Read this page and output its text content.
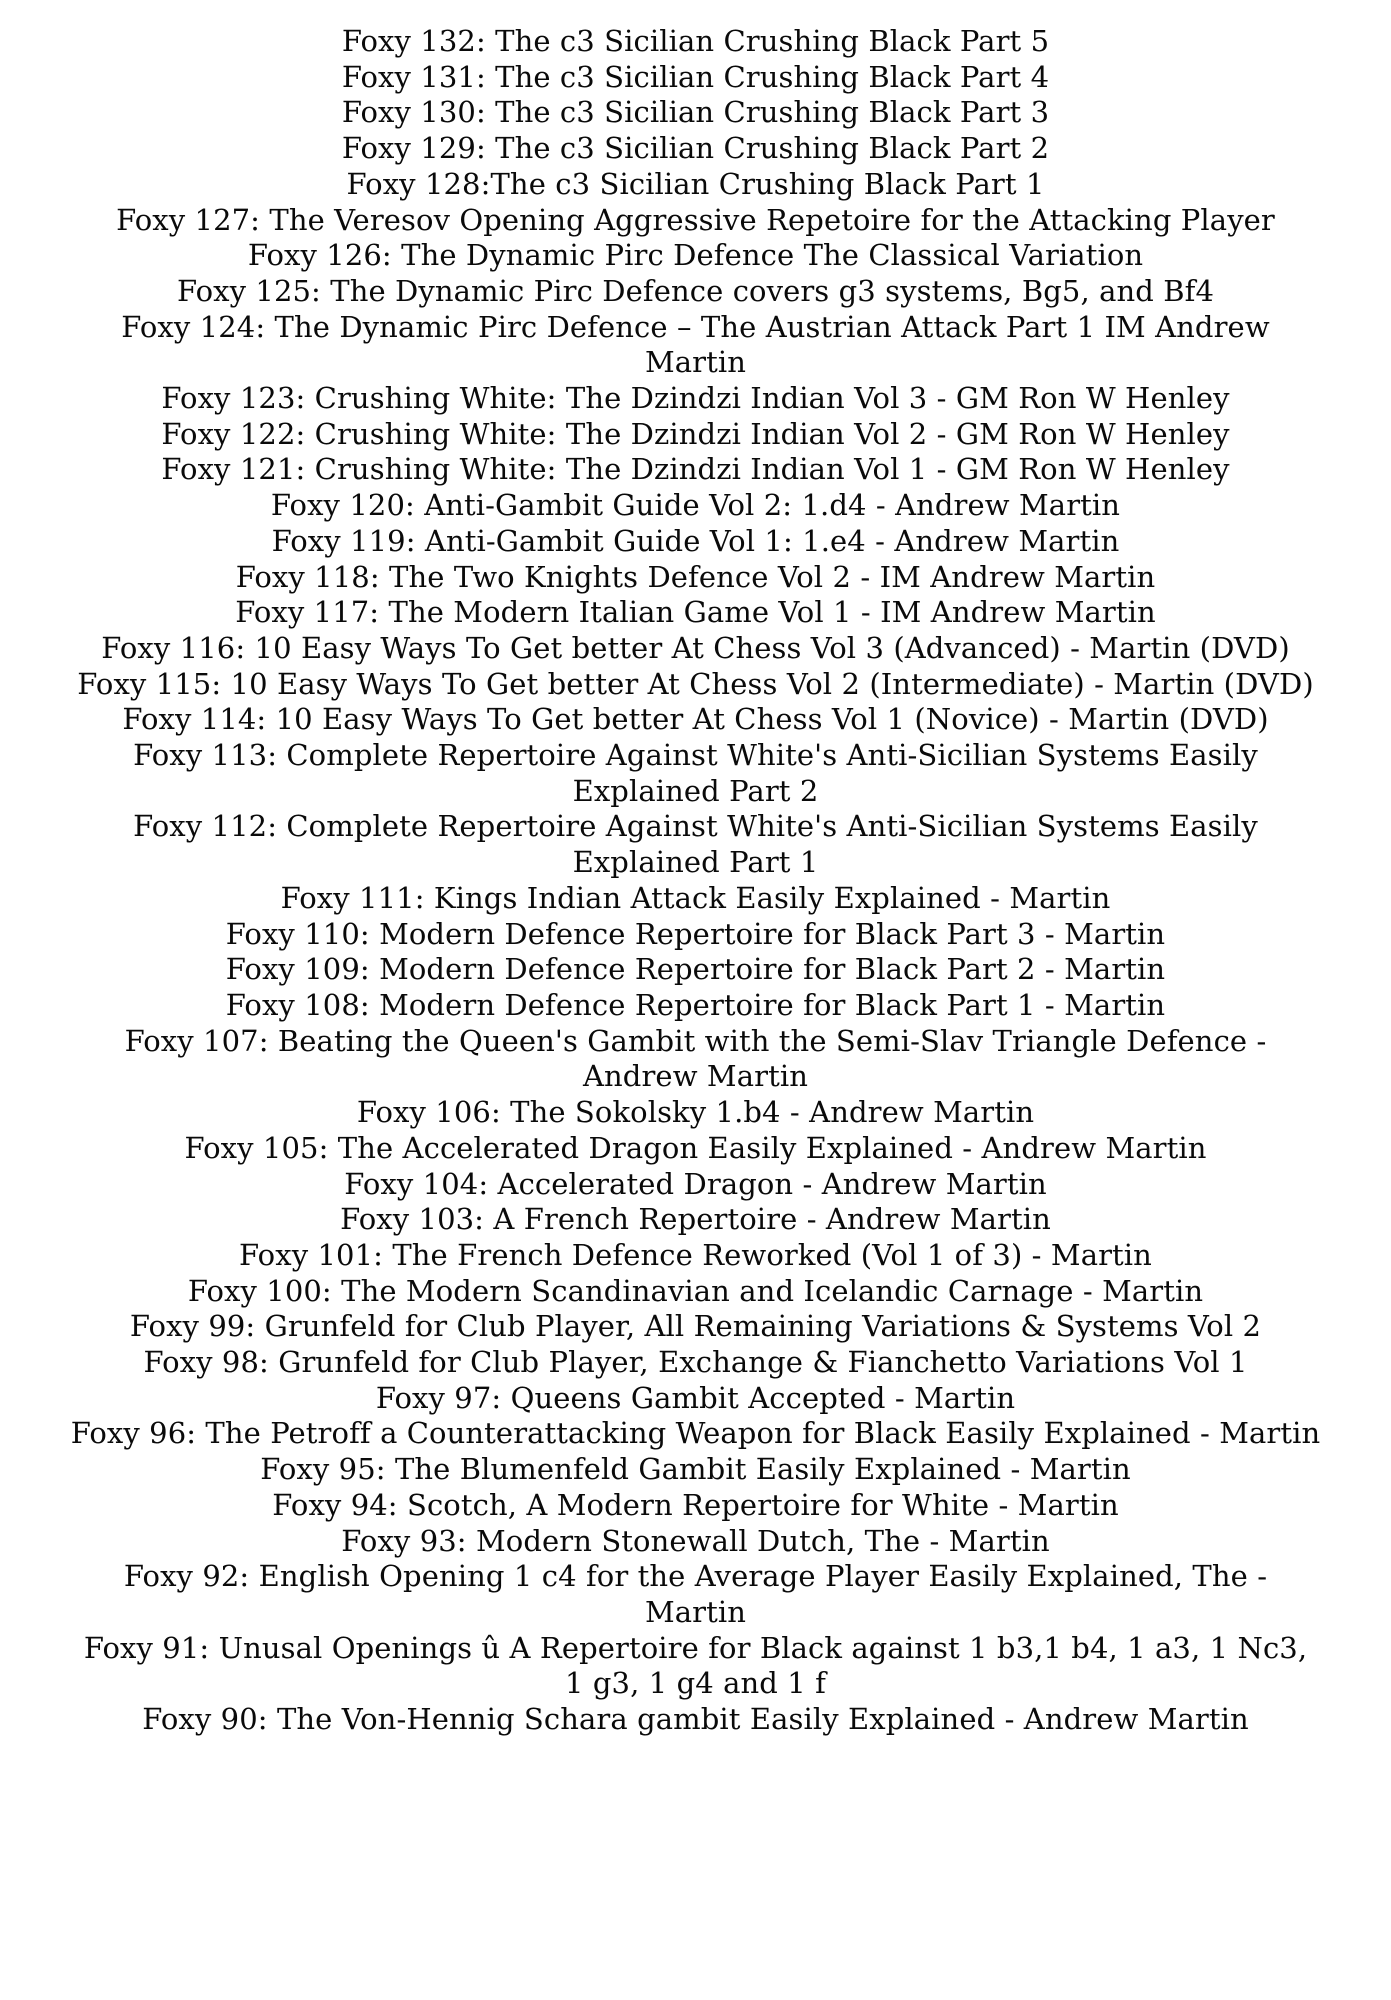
Foxy 132: The c3 Sicilian Crushing Black Part 5

Foxy 131: The c3 Sicilian Crushing Black Part 4

Foxy 130: The c3 Sicilian Crushing Black Part 3

Foxy 129: The c3 Sicilian Crushing Black Part 2

Foxy 128:The c3 Sicilian Crushing Black Part 1

Foxy 127: The Veresov Opening Aggressive Repetoire for the Attacking Player

Foxy 126: The Dynamic Pirc Defence The Classical Variation

Foxy 125: The Dynamic Pirc Defence covers g3 systems, Bg5, and Bf4

Foxy 124: The Dynamic Pirc Defence – The Austrian Attack Part 1 IM Andrew Martin

Foxy 123: Crushing White: The Dzindzi Indian Vol 3 - GM Ron W Henley

Foxy 122: Crushing White: The Dzindzi Indian Vol 2 - GM Ron W Henley

Foxy 121: Crushing White: The Dzindzi Indian Vol 1 - GM Ron W Henley

Foxy 120: Anti-Gambit Guide Vol 2: 1.d4 - Andrew Martin

Foxy 119: Anti-Gambit Guide Vol 1: 1.e4 - Andrew Martin

Foxy 118: The Two Knights Defence Vol 2 - IM Andrew Martin

Foxy 117: The Modern Italian Game Vol 1 - IM Andrew Martin

Foxy 116: 10 Easy Ways To Get better At Chess Vol 3 (Advanced) - Martin (DVD)

Foxy 115: 10 Easy Ways To Get better At Chess Vol 2 (Intermediate) - Martin (DVD)

Foxy 114: 10 Easy Ways To Get better At Chess Vol 1 (Novice) - Martin (DVD)

Foxy 113: Complete Repertoire Against White's Anti-Sicilian Systems Easily Explained Part 2

Foxy 112: Complete Repertoire Against White's Anti-Sicilian Systems Easily Explained Part 1

Foxy 111: Kings Indian Attack Easily Explained - Martin

Foxy 110: Modern Defence Repertoire for Black Part 3 - Martin

Foxy 109: Modern Defence Repertoire for Black Part 2 - Martin

Foxy 108: Modern Defence Repertoire for Black Part 1 - Martin

Foxy 107: Beating the Queen's Gambit with the Semi-Slav Triangle Defence - Andrew Martin

Foxy 106: The Sokolsky 1.b4 - Andrew Martin

Foxy 105: The Accelerated Dragon Easily Explained - Andrew Martin

Foxy 104: Accelerated Dragon - Andrew Martin

Foxy 103: A French Repertoire - Andrew Martin

Foxy 101: The French Defence Reworked (Vol 1 of 3) - Martin

Foxy 100: The Modern Scandinavian and Icelandic Carnage - Martin

Foxy 99: Grunfeld for Club Player, All Remaining Variations & Systems Vol 2

Foxy 98: Grunfeld for Club Player, Exchange & Fianchetto Variations Vol 1

Foxy 97: Queens Gambit Accepted - Martin

Foxy 96: The Petroff a Counterattacking Weapon for Black Easily Explained - Martin

Foxy 95: The Blumenfeld Gambit Easily Explained - Martin

Foxy 94: Scotch, A Modern Repertoire for White - Martin

Foxy 93: Modern Stonewall Dutch, The - Martin

Foxy 92: English Opening 1 c4 for the Average Player Easily Explained, The - Martin

Foxy 91: Unusal Openings û A Repertoire for Black against 1 b3,1 b4, 1 a3, 1 Nc3, 1 g3, 1 g4 and 1 f

Foxy 90: The Von-Hennig Schara gambit Easily Explained - Andrew Martin
